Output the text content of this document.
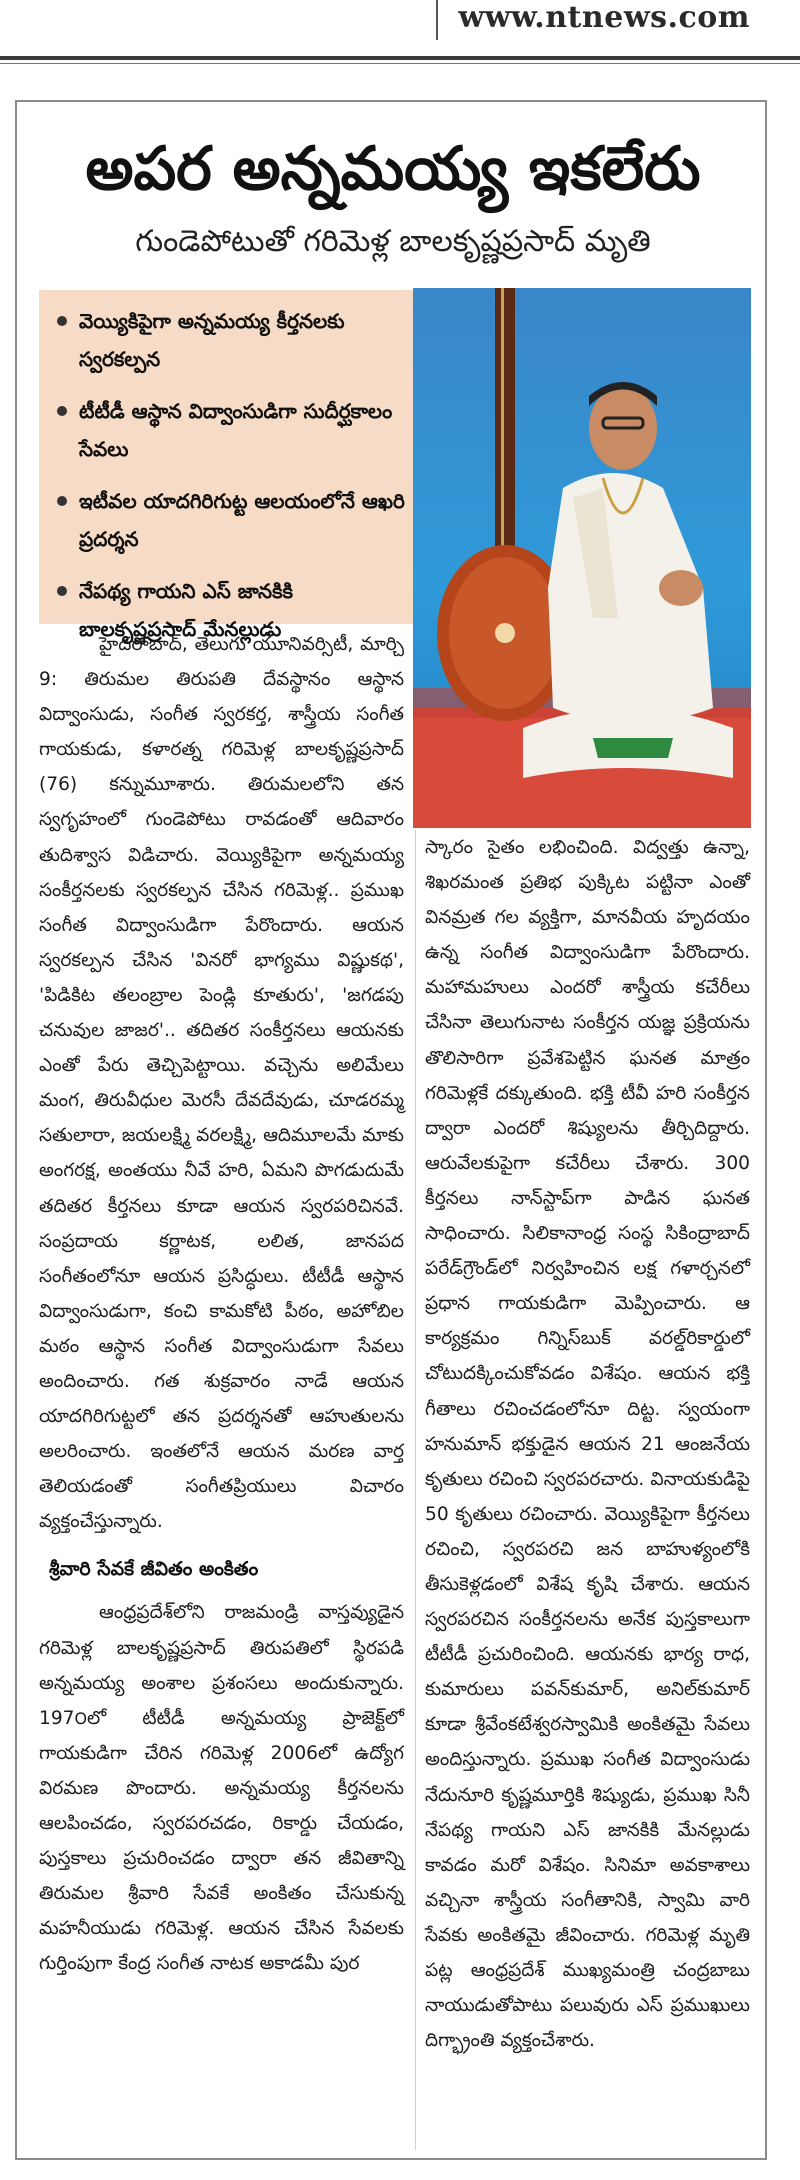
www.ntnews.com
అపర అన్నమయ్య ఇకలేరు
గుండెపోటుతో గరిమెళ్ల బాలకృష్ణప్రసాద్ మృతి
వెయ్యికిపైగా అన్నమయ్య కీర్తనలకు స్వరకల్పన
టీటీడీ ఆస్థాన విద్వాంసుడిగా సుదీర్ఘకాలం సేవలు
ఇటీవల యాదగిరిగుట్ట ఆలయంలోనే ఆఖరి ప్రదర్శన
నేపథ్య గాయని ఎస్ జానకికి బాలకృష్ణప్రసాద్ మేనల్లుడు

హైదరాబాద్, తెలుగు యూనివర్సిటీ, మార్చి 9: తిరుమల తిరుపతి దేవస్థానం ఆస్థాన విద్వాంసుడు, సంగీత స్వరకర్త, శాస్త్రీయ సంగీత గాయకుడు, కళారత్న గరిమెళ్ల బాలకృష్ణప్రసాద్ (76) కన్నుమూశారు. తిరుమలలోని తన స్వగృహంలో గుండెపోటు రావడంతో ఆదివారం తుదిశ్వాస విడిచారు. వెయ్యికిపైగా అన్నమయ్య సంకీర్తనలకు స్వరకల్పన చేసిన గరిమెళ్ల.. ప్రముఖ సంగీత విద్వాంసుడిగా పేరొందారు. ఆయన స్వరకల్పన చేసిన 'వినరో భాగ్యము విష్ణుకథ', 'పిడికిట తలంబ్రాల పెండ్లి కూతురు', 'జగడపు చనువుల జాజర'.. తదితర సంకీర్తనలు ఆయనకు ఎంతో పేరు తెచ్చిపెట్టాయి. వచ్చెను అలిమేలు మంగ, తిరువీధుల మెరసీ దేవదేవుడు, చూడరమ్మ సతులారా, జయలక్ష్మి వరలక్ష్మి, ఆదిమూలమే మాకు అంగరక్ష, అంతయు నీవే హరి, ఏమని పొగడుదుమే తదితర కీర్తనలు కూడా ఆయన స్వరపరిచినవే. సంప్రదాయ కర్ణాటక, లలిత, జానపద సంగీతంలోనూ ఆయన ప్రసిద్ధులు. టీటీడీ ఆస్థాన విద్వాంసుడుగా, కంచి కామకోటి పీఠం, అహోబిల మఠం ఆస్థాన సంగీత విద్వాంసుడుగా సేవలు అందించారు. గత శుక్రవారం నాడే ఆయన యాదగిరిగుట్టలో తన ప్రదర్శనతో ఆహుతులను అలరించారు. ఇంతలోనే ఆయన మరణ వార్త తెలియడంతో సంగీతప్రియులు విచారం వ్యక్తంచేస్తున్నారు.

శ్రీవారి సేవకే జీవితం అంకితం

ఆంధ్రప్రదేశ్‌లోని రాజమండ్రి వాస్తవ్యుడైన గరిమెళ్ల బాలకృష్ణప్రసాద్ తిరుపతిలో స్థిరపడి అన్నమయ్య అంశాల ప్రశంసలు అందుకున్నారు. 197౦లో టీటీడీ అన్నమయ్య ప్రాజెక్ట్‌లో గాయకుడిగా చేరిన గరిమెళ్ల 2006లో ఉద్యోగ విరమణ పొందారు. అన్నమయ్య కీర్తనలను ఆలపించడం, స్వరపరచడం, రికార్డు చేయడం, పుస్తకాలు ప్రచురించడం ద్వారా తన జీవితాన్ని తిరుమల శ్రీవారి సేవకే అంకితం చేసుకున్న మహనీయుడు గరిమెళ్ల. ఆయన చేసిన సేవలకు గుర్తింపుగా కేంద్ర సంగీత నాటక అకాడమీ పుర

స్కారం సైతం లభించింది. విద్వత్తు ఉన్నా, శిఖరమంత ప్రతిభ పుక్కిట పట్టినా ఎంతో వినమ్రత గల వ్యక్తిగా, మానవీయ హృదయం ఉన్న సంగీత విద్వాంసుడిగా పేరొందారు. మహామహులు ఎందరో శాస్త్రీయ కచేరీలు చేసినా తెలుగునాట సంకీర్తన యజ్ఞ ప్రక్రియను తొలిసారిగా ప్రవేశపెట్టిన ఘనత మాత్రం గరిమెళ్లకే దక్కుతుంది. భక్తి టీవీ హరి సంకీర్తన ద్వారా ఎందరో శిష్యులను తీర్చిదిద్దారు. ఆరువేలకుపైగా కచేరీలు చేశారు. 300 కీర్తనలు నాన్‌స్టాప్‌గా పాడిన ఘనత సాధించారు. సిలికానాంధ్ర సంస్థ సికింద్రాబాద్ పరేడ్‌గ్రౌండ్‌లో నిర్వహించిన లక్ష గళార్చనలో ప్రధాన గాయకుడిగా మెప్పించారు. ఆ కార్యక్రమం గిన్నిస్‌బుక్ వరల్డ్‌రికార్డులో చోటుదక్కించుకోవడం విశేషం. ఆయన భక్తి గీతాలు రచించడంలోనూ దిట్ట. స్వయంగా హనుమాన్ భక్తుడైన ఆయన 21 ఆంజనేయ కృతులు రచించి స్వరపరచారు. వినాయకుడిపై 50 కృతులు రచించారు. వెయ్యికిపైగా కీర్తనలు రచించి, స్వరపరచి జన బాహుళ్యంలోకి తీసుకెళ్లడంలో విశేష కృషి చేశారు. ఆయన స్వరపరచిన సంకీర్తనలను అనేక పుస్తకాలుగా టీటీడీ ప్రచురించింది. ఆయనకు భార్య రాధ, కుమారులు పవన్‌కుమార్, అనిల్‌కుమార్ కూడా శ్రీవేంకటేశ్వరస్వామికి అంకితమై సేవలు అందిస్తున్నారు. ప్రముఖ సంగీత విద్వాంసుడు నేదునూరి కృష్ణమూర్తికి శిష్యుడు, ప్రముఖ సినీ నేపథ్య గాయని ఎస్ జానకికి మేనల్లుడు కావడం మరో విశేషం. సినిమా అవకాశాలు వచ్చినా శాస్త్రీయ సంగీతానికి, స్వామి వారి సేవకు అంకితమై జీవించారు. గరిమెళ్ల మృతి పట్ల ఆంధ్రప్రదేశ్ ముఖ్యమంత్రి చంద్రబాబు నాయుడుతోపాటు పలువురు ఎస్ ప్రముఖులు దిగ్భ్రాంతి వ్యక్తంచేశారు.
